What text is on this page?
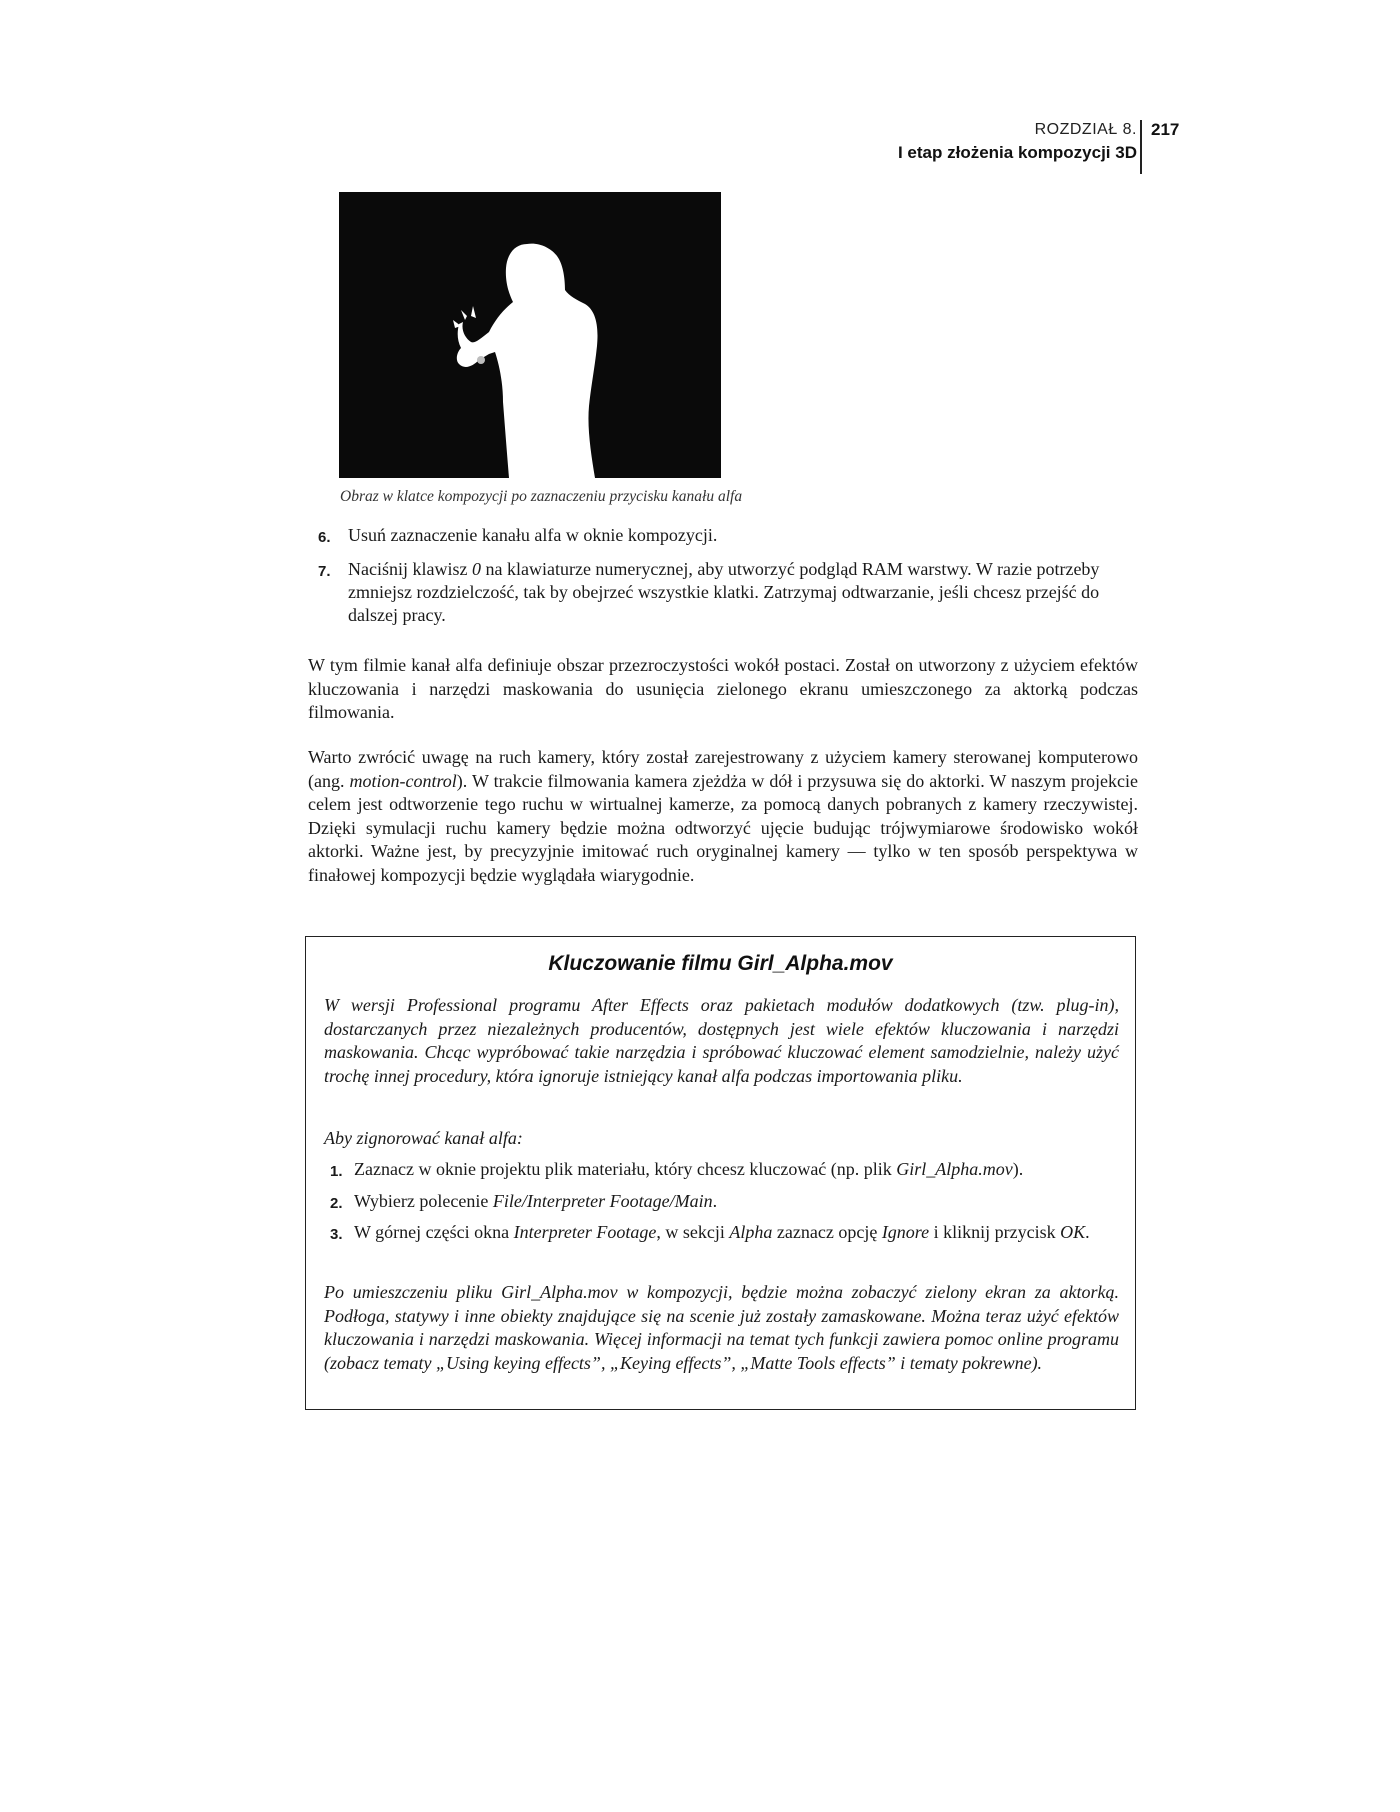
ROZDZIAŁ 8.
I etap złożenia kompozycji 3D
217
Obraz w klatce kompozycji po zaznaczeniu przycisku kanału alfa
6. Usuń zaznaczenie kanału alfa w oknie kompozycji.
7. Naciśnij klawisz 0 na klawiaturze numerycznej, aby utworzyć podgląd RAM warstwy. W razie potrzeby zmniejsz rozdzielczość, tak by obejrzeć wszystkie klatki. Zatrzymaj odtwarzanie, jeśli chcesz przejść do dalszej pracy.
W tym filmie kanał alfa definiuje obszar przezroczystości wokół postaci. Został on utworzony z użyciem efektów kluczowania i narzędzi maskowania do usunięcia zielonego ekranu umieszczonego za aktorką podczas filmowania.
Warto zwrócić uwagę na ruch kamery, który został zarejestrowany z użyciem kamery sterowanej komputerowo (ang. motion-control). W trakcie filmowania kamera zjeżdża w dół i przysuwa się do aktorki. W naszym projekcie celem jest odtworzenie tego ruchu w wirtualnej kamerze, za pomocą danych pobranych z kamery rzeczywistej. Dzięki symulacji ruchu kamery będzie można odtworzyć ujęcie budując trójwymiarowe środowisko wokół aktorki. Ważne jest, by precyzyjnie imitować ruch oryginalnej kamery — tylko w ten sposób perspektywa w finałowej kompozycji będzie wyglądała wiarygodnie.
Kluczowanie filmu Girl_Alpha.mov
W wersji Professional programu After Effects oraz pakietach modułów dodatkowych (tzw. plug-in), dostarczanych przez niezależnych producentów, dostępnych jest wiele efektów kluczowania i narzędzi maskowania. Chcąc wypróbować takie narzędzia i spróbować kluczować element samodzielnie, należy użyć trochę innej procedury, która ignoruje istniejący kanał alfa podczas importowania pliku.
Aby zignorować kanał alfa:
1. Zaznacz w oknie projektu plik materiału, który chcesz kluczować (np. plik Girl_Alpha.mov).
2. Wybierz polecenie File/Interpreter Footage/Main.
3. W górnej części okna Interpreter Footage, w sekcji Alpha zaznacz opcję Ignore i kliknij przycisk OK.
Po umieszczeniu pliku Girl_Alpha.mov w kompozycji, będzie można zobaczyć zielony ekran za aktorką. Podłoga, statywy i inne obiekty znajdujące się na scenie już zostały zamaskowane. Można teraz użyć efektów kluczowania i narzędzi maskowania. Więcej informacji na temat tych funkcji zawiera pomoc online programu (zobacz tematy „Using keying effects”, „Keying effects”, „Matte Tools effects” i tematy pokrewne).
